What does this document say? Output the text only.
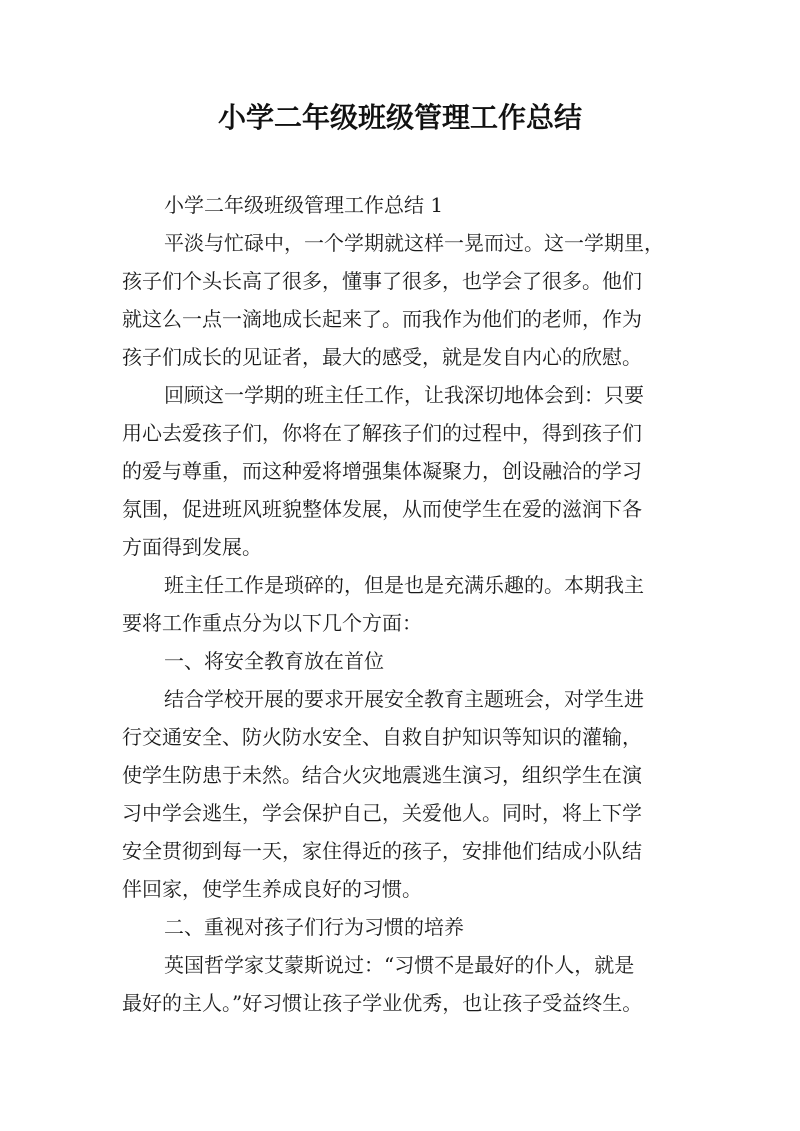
小学二年级班级管理工作总结
小学二年级班级管理工作总结 1
平淡与忙碌中，一个学期就这样一晃而过。这一学期里，
孩子们个头长高了很多，懂事了很多，也学会了很多。他们
就这么一点一滴地成长起来了。而我作为他们的老师，作为
孩子们成长的见证者，最大的感受，就是发自内心的欣慰。
回顾这一学期的班主任工作，让我深切地体会到：只要
用心去爱孩子们，你将在了解孩子们的过程中，得到孩子们
的爱与尊重，而这种爱将增强集体凝聚力，创设融洽的学习
氛围，促进班风班貌整体发展，从而使学生在爱的滋润下各
方面得到发展。
班主任工作是琐碎的，但是也是充满乐趣的。本期我主
要将工作重点分为以下几个方面：
一、将安全教育放在首位
结合学校开展的要求开展安全教育主题班会，对学生进
行交通安全、防火防水安全、自救自护知识等知识的灌输，
使学生防患于未然。结合火灾地震逃生演习，组织学生在演
习中学会逃生，学会保护自己，关爱他人。同时，将上下学
安全贯彻到每一天，家住得近的孩子，安排他们结成小队结
伴回家，使学生养成良好的习惯。
二、重视对孩子们行为习惯的培养
英国哲学家艾蒙斯说过：“习惯不是最好的仆人，就是
最好的主人。”好习惯让孩子学业优秀，也让孩子受益终生。
